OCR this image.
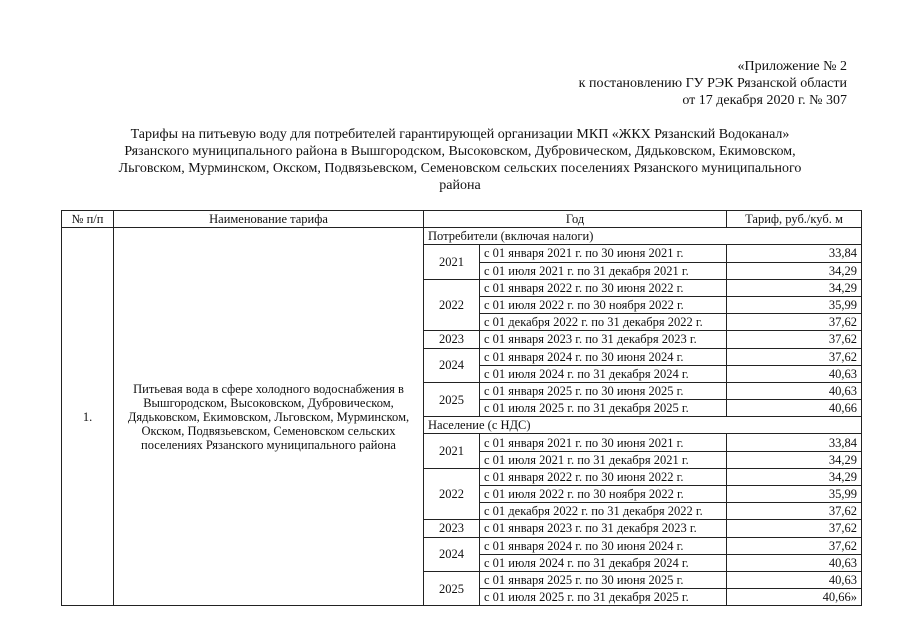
«Приложение № 2
к постановлению ГУ РЭК Рязанской области
от 17 декабря 2020 г. № 307
Тарифы на питьевую воду для потребителей гарантирующей организации МКП «ЖКХ Рязанский Водоканал»
Рязанского муниципального района в Вышгородском, Высоковском, Дубровическом, Дядьковском, Екимовском,
Льговском, Мурминском, Окском, Подвязьевском, Семеновском сельских поселениях Рязанского муниципального
района
№ п/п	Наименование тарифа	Год		Тариф, руб./куб. м
1.	Питьевая вода в сфере холодного водоснабжения в Вышгородском, Высоковском, Дубровическом, Дядьковском, Екимовском, Льговском, Мурминском, Окском, Подвязьевском, Семеновском сельских поселениях Рязанского муниципального района	Потребители (включая налоги)		
		2021	с 01 января 2021 г. по 30 июня 2021 г.	33,84
			с 01 июля 2021 г. по 31 декабря 2021 г.	34,29
		2022	с 01 января 2022 г. по 30 июня 2022 г.	34,29
			с 01 июля 2022 г. по 30 ноября 2022 г.	35,99
			с 01 декабря 2022 г. по 31 декабря 2022 г.	37,62
		2023	с 01 января 2023 г. по 31 декабря 2023 г.	37,62
		2024	с 01 января 2024 г. по 30 июня 2024 г.	37,62
			с 01 июля 2024 г. по 31 декабря 2024 г.	40,63
		2025	с 01 января 2025 г. по 30 июня 2025 г.	40,63
			с 01 июля 2025 г. по 31 декабря 2025 г.	40,66
		Население (с НДС)		
		2021	с 01 января 2021 г. по 30 июня 2021 г.	33,84
			с 01 июля 2021 г. по 31 декабря 2021 г.	34,29
		2022	с 01 января 2022 г. по 30 июня 2022 г.	34,29
			с 01 июля 2022 г. по 30 ноября 2022 г.	35,99
			с 01 декабря 2022 г. по 31 декабря 2022 г.	37,62
		2023	с 01 января 2023 г. по 31 декабря 2023 г.	37,62
		2024	с 01 января 2024 г. по 30 июня 2024 г.	37,62
			с 01 июля 2024 г. по 31 декабря 2024 г.	40,63
		2025	с 01 января 2025 г. по 30 июня 2025 г.	40,63
			с 01 июля 2025 г. по 31 декабря 2025 г.	40,66»
